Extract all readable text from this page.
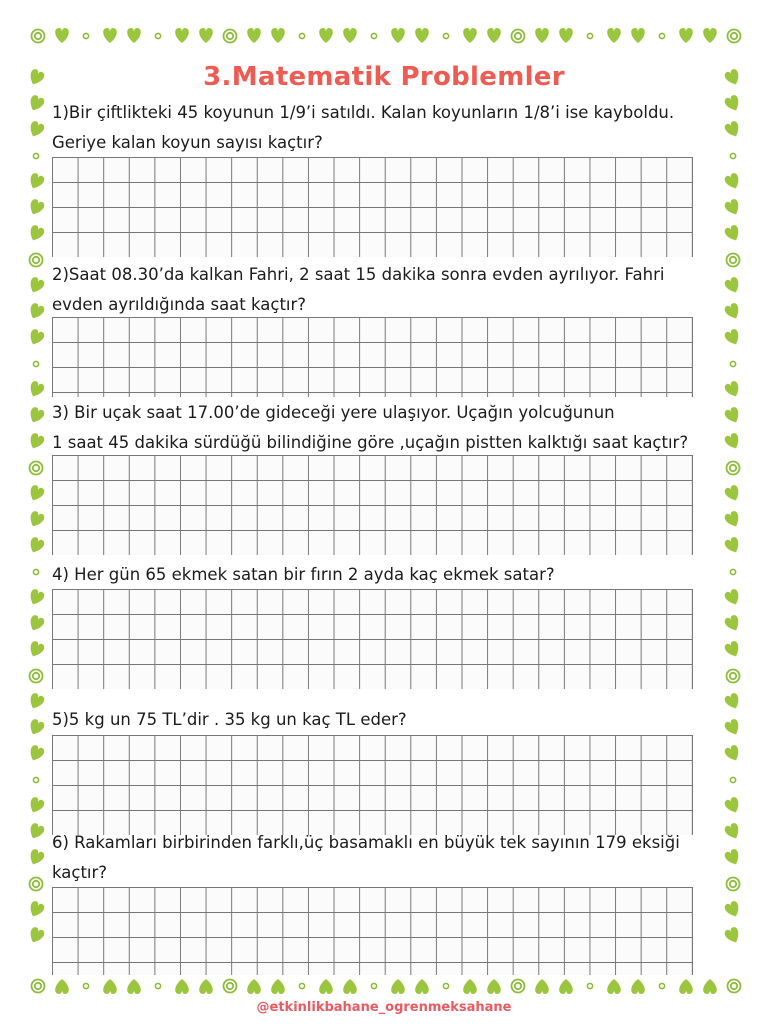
3.Matematik Problemler
1)Bir çiftlikteki 45 koyunun 1/9’i satıldı. Kalan koyunların 1/8’i ise kayboldu.
Geriye kalan koyun sayısı kaçtır?
2)Saat 08.30’da kalkan Fahri, 2 saat 15 dakika sonra evden ayrılıyor. Fahri
evden ayrıldığında saat kaçtır?
3) Bir uçak saat 17.00’de gideceği yere ulaşıyor. Uçağın yolcuğunun
1 saat 45 dakika sürdüğü bilindiğine göre ,uçağın pistten kalktığı saat kaçtır?
4) Her gün 65 ekmek satan bir fırın 2 ayda kaç ekmek satar?
5)5 kg un 75 TL’dir . 35 kg un kaç TL eder?
6) Rakamları birbirinden farklı,üç basamaklı en büyük tek sayının 179 eksiği
kaçtır?

@etkinlikbahane_ogrenmeksahane
